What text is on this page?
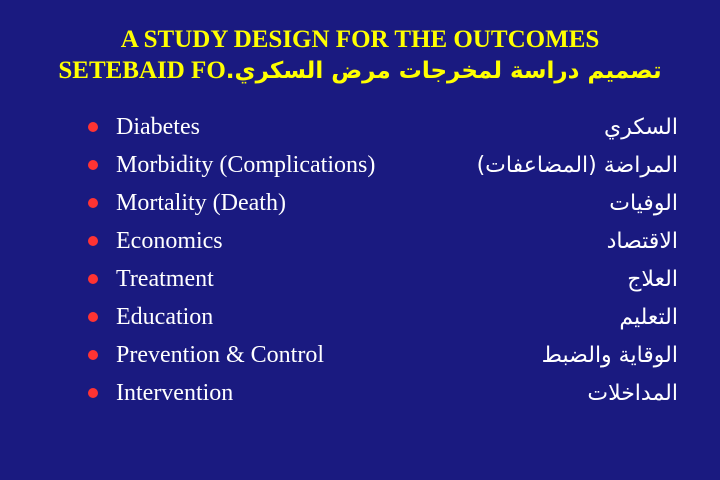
A STUDY DESIGN FOR THE OUTCOMES
تصميم دراسة لمخرجات مرض السكري.OF DIABETES
Diabetes	السكري
Morbidity (Complications)	المراضة (المضاعفات)
Mortality (Death)	الوفيات
Economics	الاقتصاد
Treatment	العلاج
Education	التعليم
Prevention & Control	الوقاية والضبط
Intervention	المداخلات
